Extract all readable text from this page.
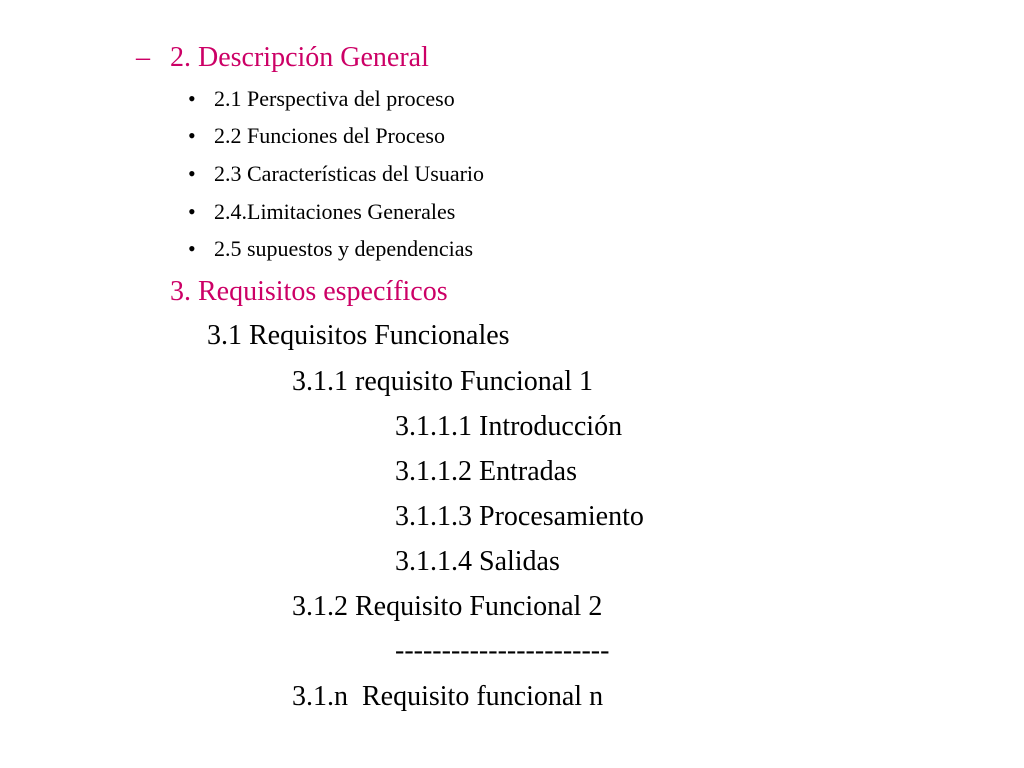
– 2. Descripción General
• 2.1 Perspectiva del proceso
• 2.2 Funciones del Proceso
• 2.3 Características del Usuario
• 2.4.Limitaciones Generales
• 2.5 supuestos y dependencias
3. Requisitos específicos
3.1 Requisitos Funcionales
3.1.1 requisito Funcional 1
3.1.1.1 Introducción
3.1.1.2 Entradas
3.1.1.3 Procesamiento
3.1.1.4 Salidas
3.1.2 Requisito Funcional 2
-----------------------
3.1.n  Requisito funcional n
